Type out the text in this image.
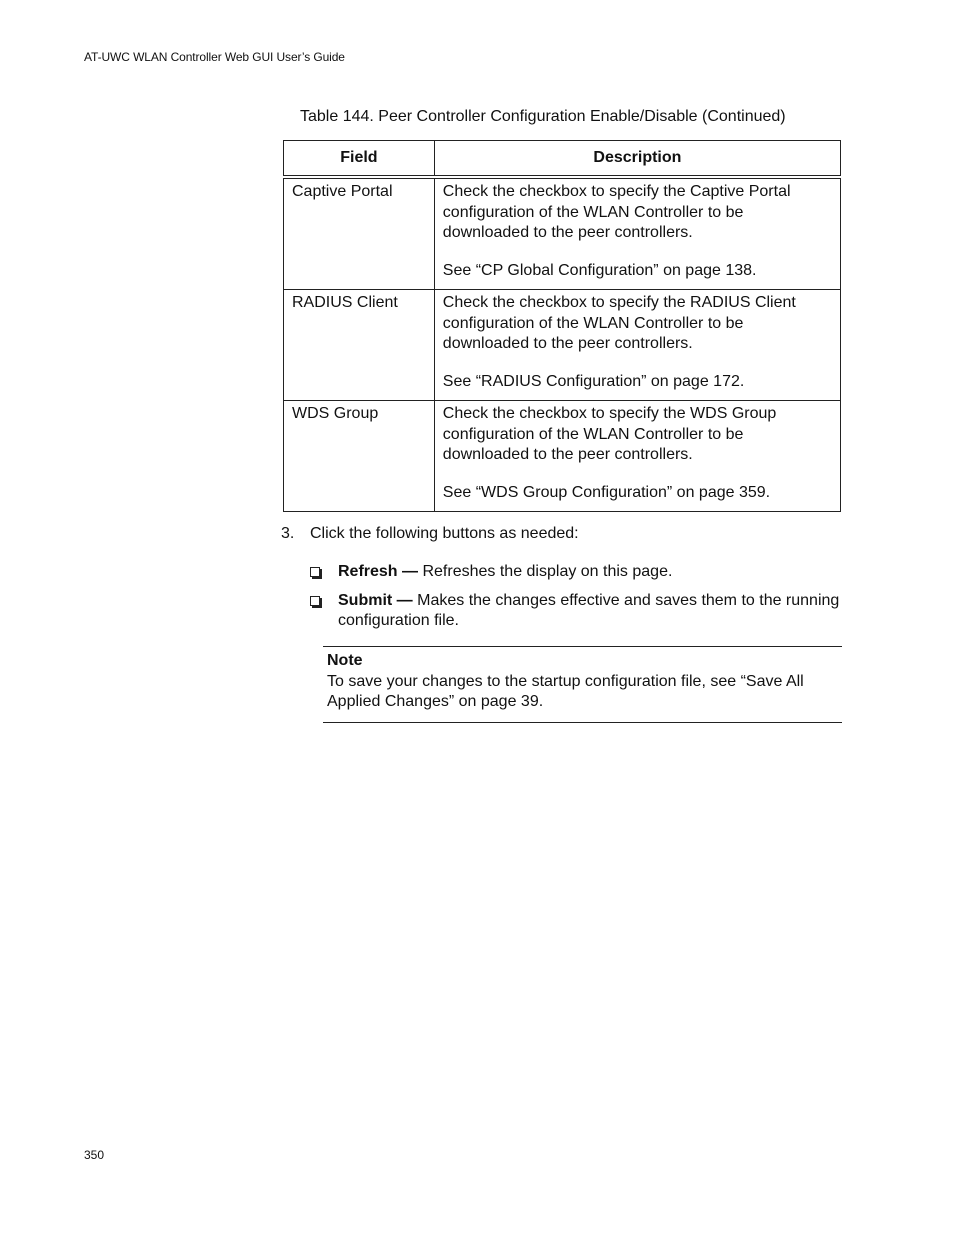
AT-UWC WLAN Controller Web GUI User’s Guide
Table 144. Peer Controller Configuration Enable/Disable (Continued)
Field	Description
Captive Portal	Check the checkbox to specify the Captive Portal configuration of the WLAN Controller to be downloaded to the peer controllers.

See “CP Global Configuration” on page 138.

RADIUS Client	Check the checkbox to specify the RADIUS Client configuration of the WLAN Controller to be downloaded to the peer controllers.

See “RADIUS Configuration” on page 172.

WDS Group	Check the checkbox to specify the WDS Group configuration of the WLAN Controller to be downloaded to the peer controllers.

See “WDS Group Configuration” on page 359.

3. Click the following buttons as needed:
Refresh — Refreshes the display on this page.
Submit — Makes the changes effective and saves them to the running configuration file.
Note
To save your changes to the startup configuration file, see “Save All Applied Changes” on page 39.
350
